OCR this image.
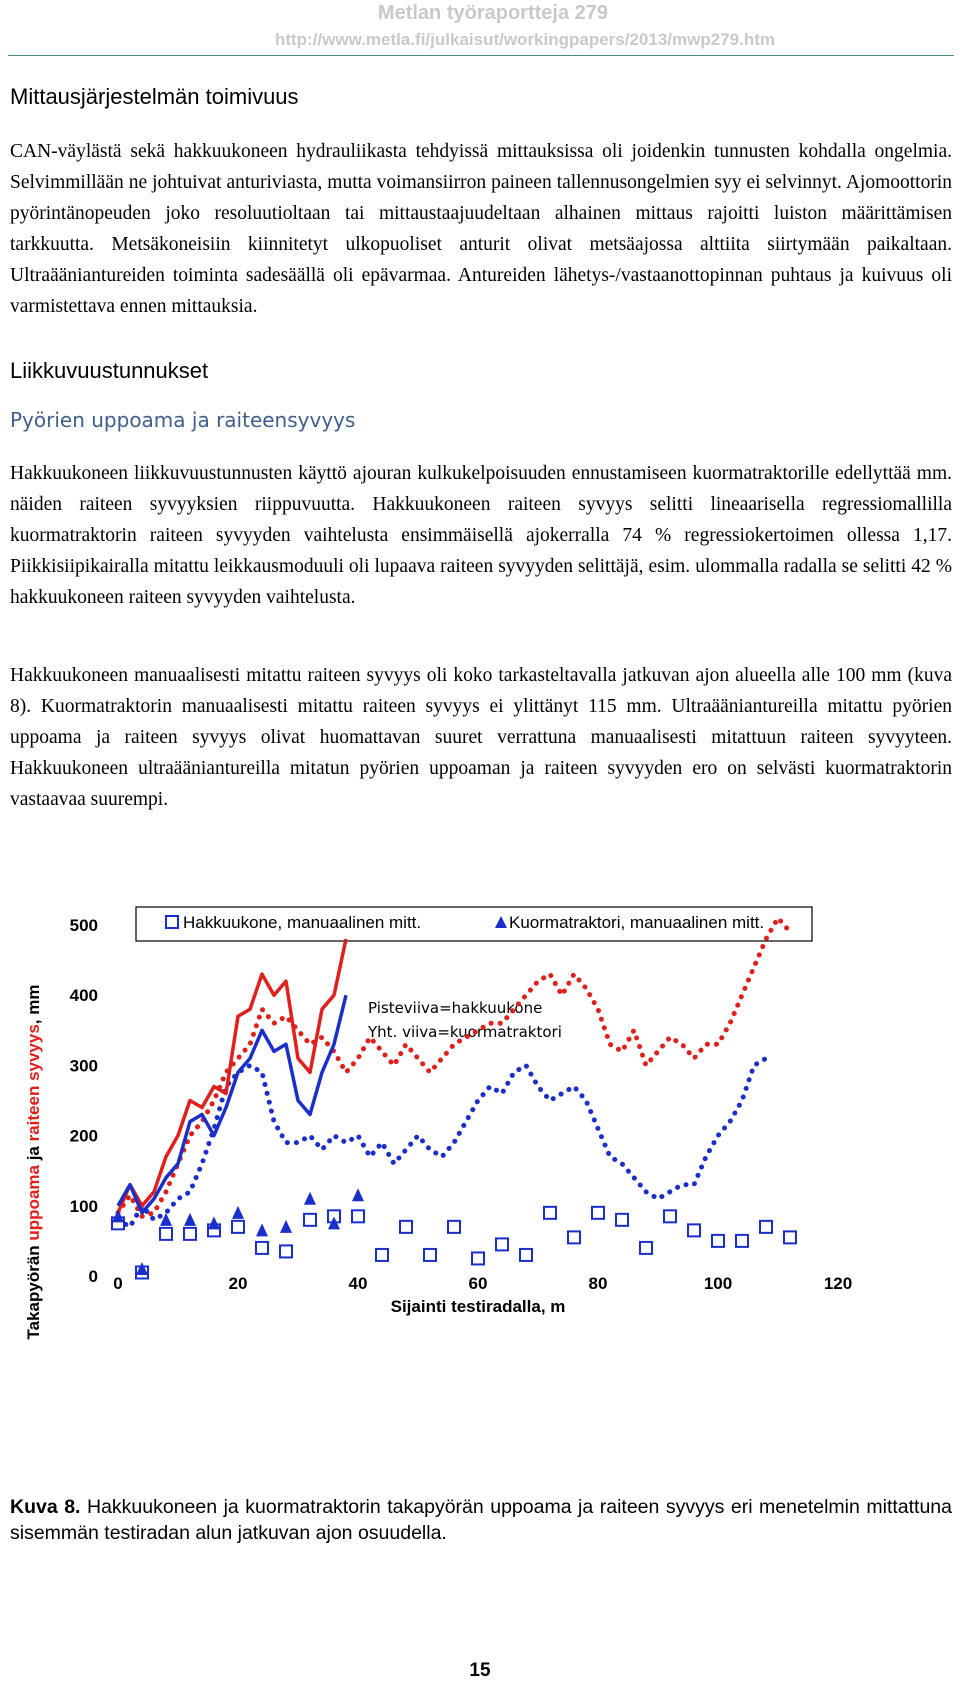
Metlan työraportteja 279
http://www.metla.fi/julkaisut/workingpapers/2013/mwp279.htm
Mittausjärjestelmän toimivuus
CAN-väylästä sekä hakkuukoneen hydrauliikasta tehdyissä mittauksissa oli joidenkin tunnusten kohdalla ongelmia. Selvimmillään ne johtuivat anturiviasta, mutta voimansiirron paineen tallennusongelmien syy ei selvinnyt. Ajomoottorin pyörintänopeuden joko resoluutioltaan tai mittaustaajuudeltaan alhainen mittaus rajoitti luiston määrittämisen tarkkuutta. Metsäkoneisiin kiinnitetyt ulkopuoliset anturit olivat metsäajossa alttiita siirtymään paikaltaan. Ultraääniantureiden toiminta sadesäällä oli epävarmaa. Antureiden lähetys-/vastaanottopinnan puhtaus ja kuivuus oli varmistettava ennen mittauksia.
Liikkuvuustunnukset
Pyörien uppoama ja raiteensyvyys
Hakkuukoneen liikkuvuustunnusten käyttö ajouran kulkukelpoisuuden ennustamiseen kuormatraktorille edellyttää mm. näiden raiteen syvyyksien riippuvuutta. Hakkuukoneen raiteen syvyys selitti lineaarisella regressiomallilla kuormatraktorin raiteen syvyyden vaihtelusta ensimmäisellä ajokerralla 74 % regressiokertoimen ollessa 1,17. Piikkisiipikairalla mitattu leikkausmoduuli oli lupaava raiteen syvyyden selittäjä, esim. ulommalla radalla se selitti 42 % hakkuukoneen raiteen syvyyden vaihtelusta.
Hakkuukoneen manuaalisesti mitattu raiteen syvyys oli koko tarkasteltavalla jatkuvan ajon alueella alle 100 mm (kuva 8). Kuormatraktorin manuaalisesti mitattu raiteen syvyys ei ylittänyt 115 mm. Ultraääniantureilla mitattu pyörien uppoama ja raiteen syvyys olivat huomattavan suuret verrattuna manuaalisesti mitattuun raiteen syvyyteen. Hakkuukoneen ultraääniantureilla mitatun pyörien uppoaman ja raiteen syvyyden ero on selvästi kuormatraktorin vastaavaa suurempi.
Hakkuukone, manuaalinen mitt.	Kuormatraktori, manuaalinen mitt.
Takapyörän uppoama ja raiteen syvyys, mm
0
100
200
300
400
500
0	20	40	60	80	100	120
Sijainti testiradalla, m
Pisteviiva=hakkuukone
Yht. viiva=kuormatraktori
Kuva 8. Hakkuukoneen ja kuormatraktorin takapyörän uppoama ja raiteen syvyys eri menetelmin mittattuna sisemmän testiradan alun jatkuvan ajon osuudella.
15
